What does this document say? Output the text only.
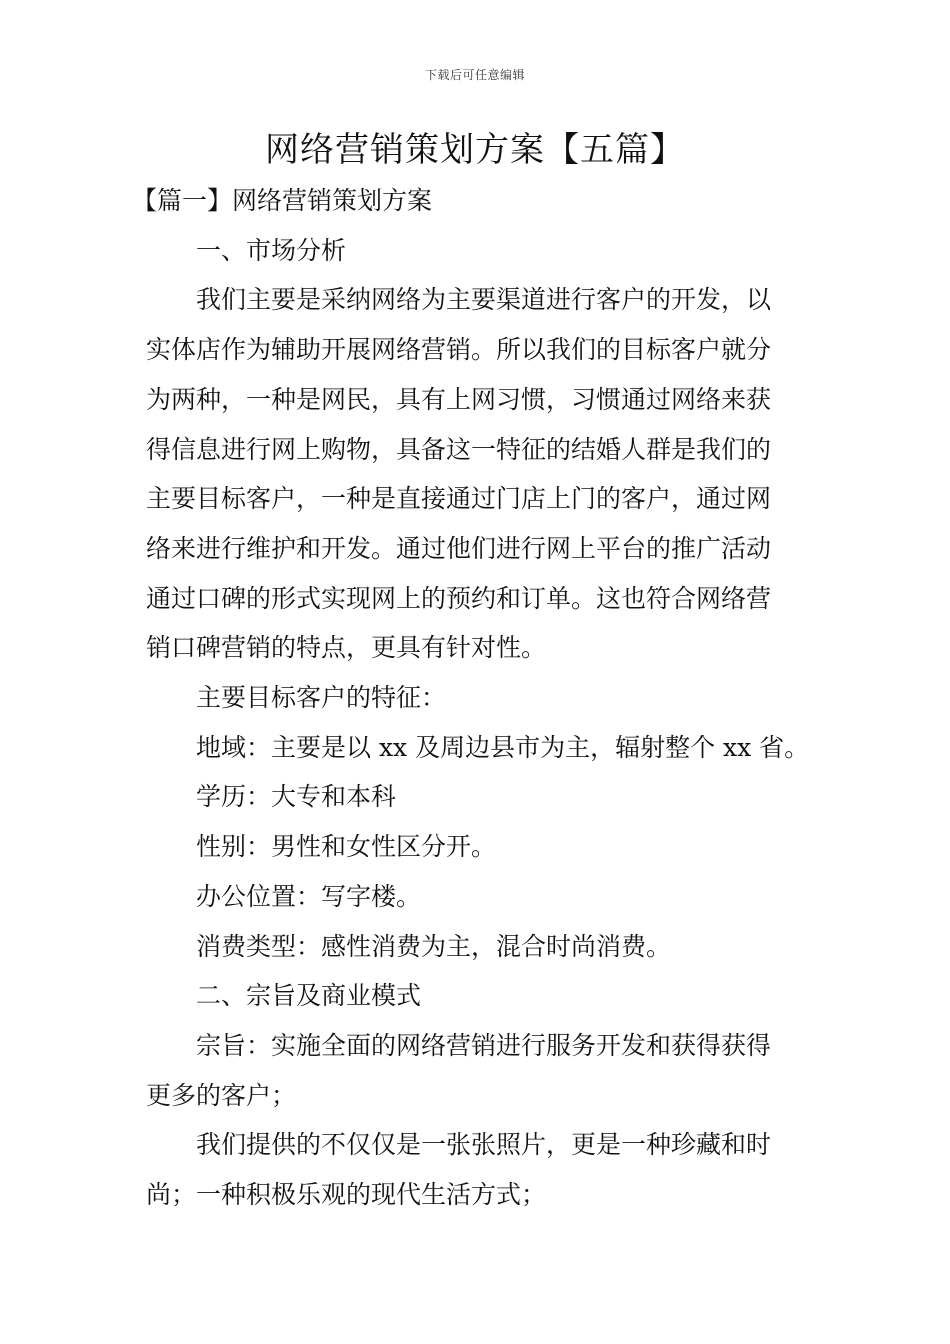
下载后可任意编辑
网络营销策划方案【五篇】

【篇一】网络营销策划方案

一、市场分析

我们主要是采纳网络为主要渠道进行客户的开发，以
实体店作为辅助开展网络营销。所以我们的目标客户就分
为两种，一种是网民，具有上网习惯，习惯通过网络来获
得信息进行网上购物，具备这一特征的结婚人群是我们的
主要目标客户，一种是直接通过门店上门的客户，通过网
络来进行维护和开发。通过他们进行网上平台的推广活动
通过口碑的形式实现网上的预约和订单。这也符合网络营
销口碑营销的特点，更具有针对性。

主要目标客户的特征：

地域：主要是以 xx 及周边县市为主，辐射整个 xx 省。

学历：大专和本科

性别：男性和女性区分开。

办公位置：写字楼。

消费类型：感性消费为主，混合时尚消费。

二、宗旨及商业模式

宗旨：实施全面的网络营销进行服务开发和获得获得
更多的客户；
我们提供的不仅仅是一张张照片，更是一种珍藏和时
尚；一种积极乐观的现代生活方式；
